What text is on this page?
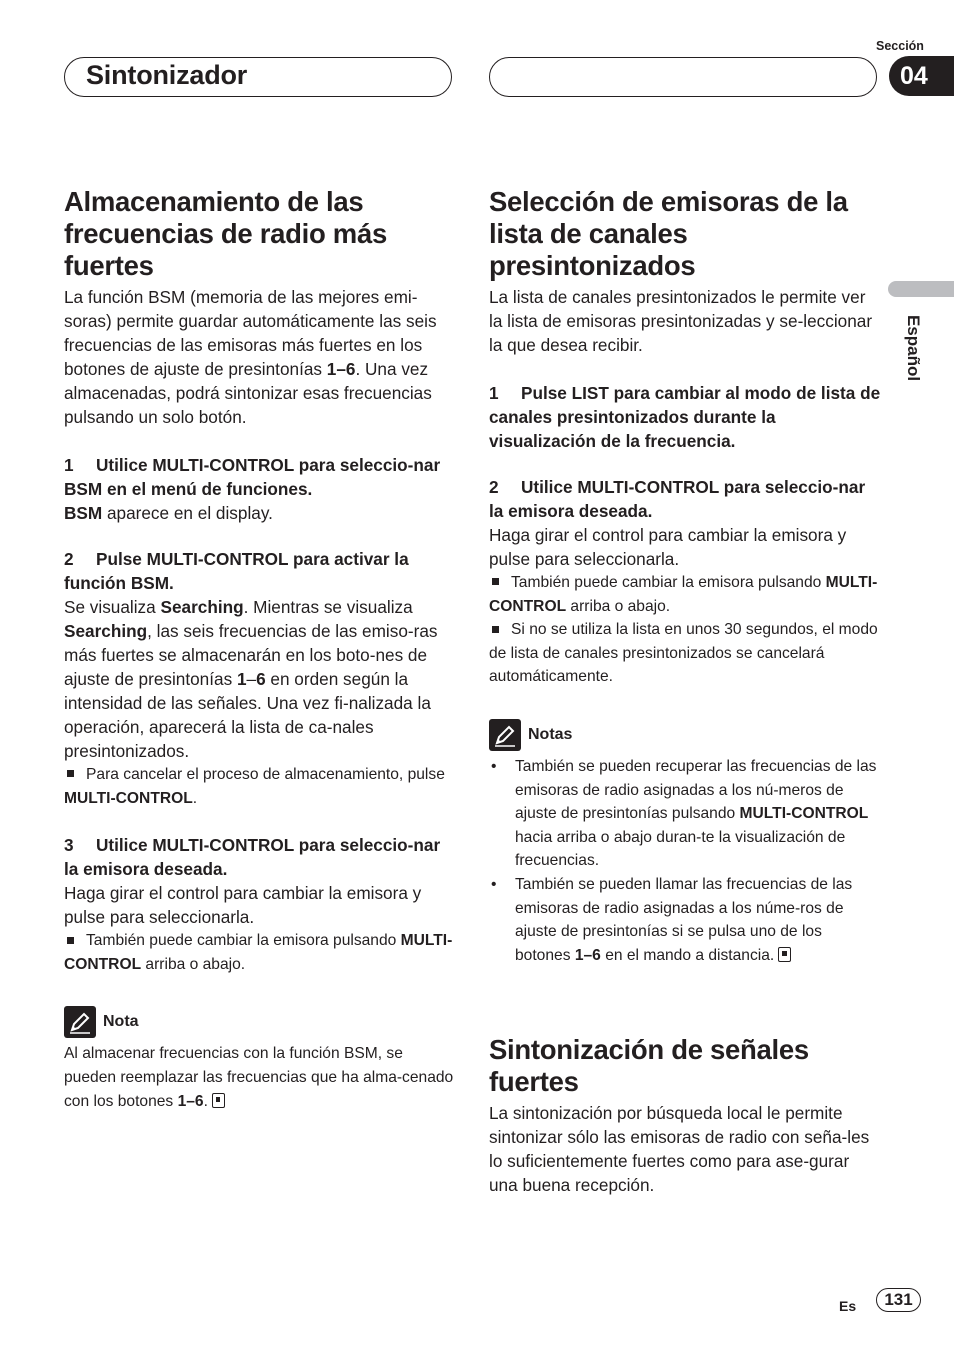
Sintonizador
Sección
04
Español
Almacenamiento de las frecuencias de radio más fuertes

La función BSM (memoria de las mejores emi-soras) permite guardar automáticamente las seis frecuencias de las emisoras más fuertes en los botones de ajuste de presintonías 1–6. Una vez almacenadas, podrá sintonizar esas frecuencias pulsando un solo botón.

1 Utilice MULTI-CONTROL para seleccio-nar BSM en el menú de funciones.

BSM aparece en el display.

2 Pulse MULTI-CONTROL para activar la función BSM.

Se visualiza Searching. Mientras se visualiza Searching, las seis frecuencias de las emiso-ras más fuertes se almacenarán en los boto-nes de ajuste de presintonías 1–6 en orden según la intensidad de las señales. Una vez fi-nalizada la operación, aparecerá la lista de ca-nales presintonizados.

Para cancelar el proceso de almacenamiento, pulse MULTI-CONTROL.

3 Utilice MULTI-CONTROL para seleccio-nar la emisora deseada.

Haga girar el control para cambiar la emisora y pulse para seleccionarla.

También puede cambiar la emisora pulsando MULTI-CONTROL arriba o abajo.

Nota

Al almacenar frecuencias con la función BSM, se pueden reemplazar las frecuencias que ha alma-cenado con los botones 1–6.

Selección de emisoras de la lista de canales presintonizados

La lista de canales presintonizados le permite ver la lista de emisoras presintonizadas y se-leccionar la que desea recibir.

1 Pulse LIST para cambiar al modo de lista de canales presintonizados durante la visualización de la frecuencia.
2 Utilice MULTI-CONTROL para seleccio-nar la emisora deseada.

Haga girar el control para cambiar la emisora y pulse para seleccionarla.

También puede cambiar la emisora pulsando MULTI-CONTROL arriba o abajo.

Si no se utiliza la lista en unos 30 segundos, el modo de lista de canales presintonizados se cancelará automáticamente.

Notas
• También se pueden recuperar las frecuencias de las emisoras de radio asignadas a los nú-meros de ajuste de presintonías pulsando MULTI-CONTROL hacia arriba o abajo duran-te la visualización de frecuencias.
• También se pueden llamar las frecuencias de las emisoras de radio asignadas a los núme-ros de ajuste de presintonías si se pulsa uno de los botones 1–6 en el mando a distancia.
Sintonización de señales fuertes

La sintonización por búsqueda local le permite sintonizar sólo las emisoras de radio con seña-les lo suficientemente fuertes como para ase-gurar una buena recepción.

Es	131
